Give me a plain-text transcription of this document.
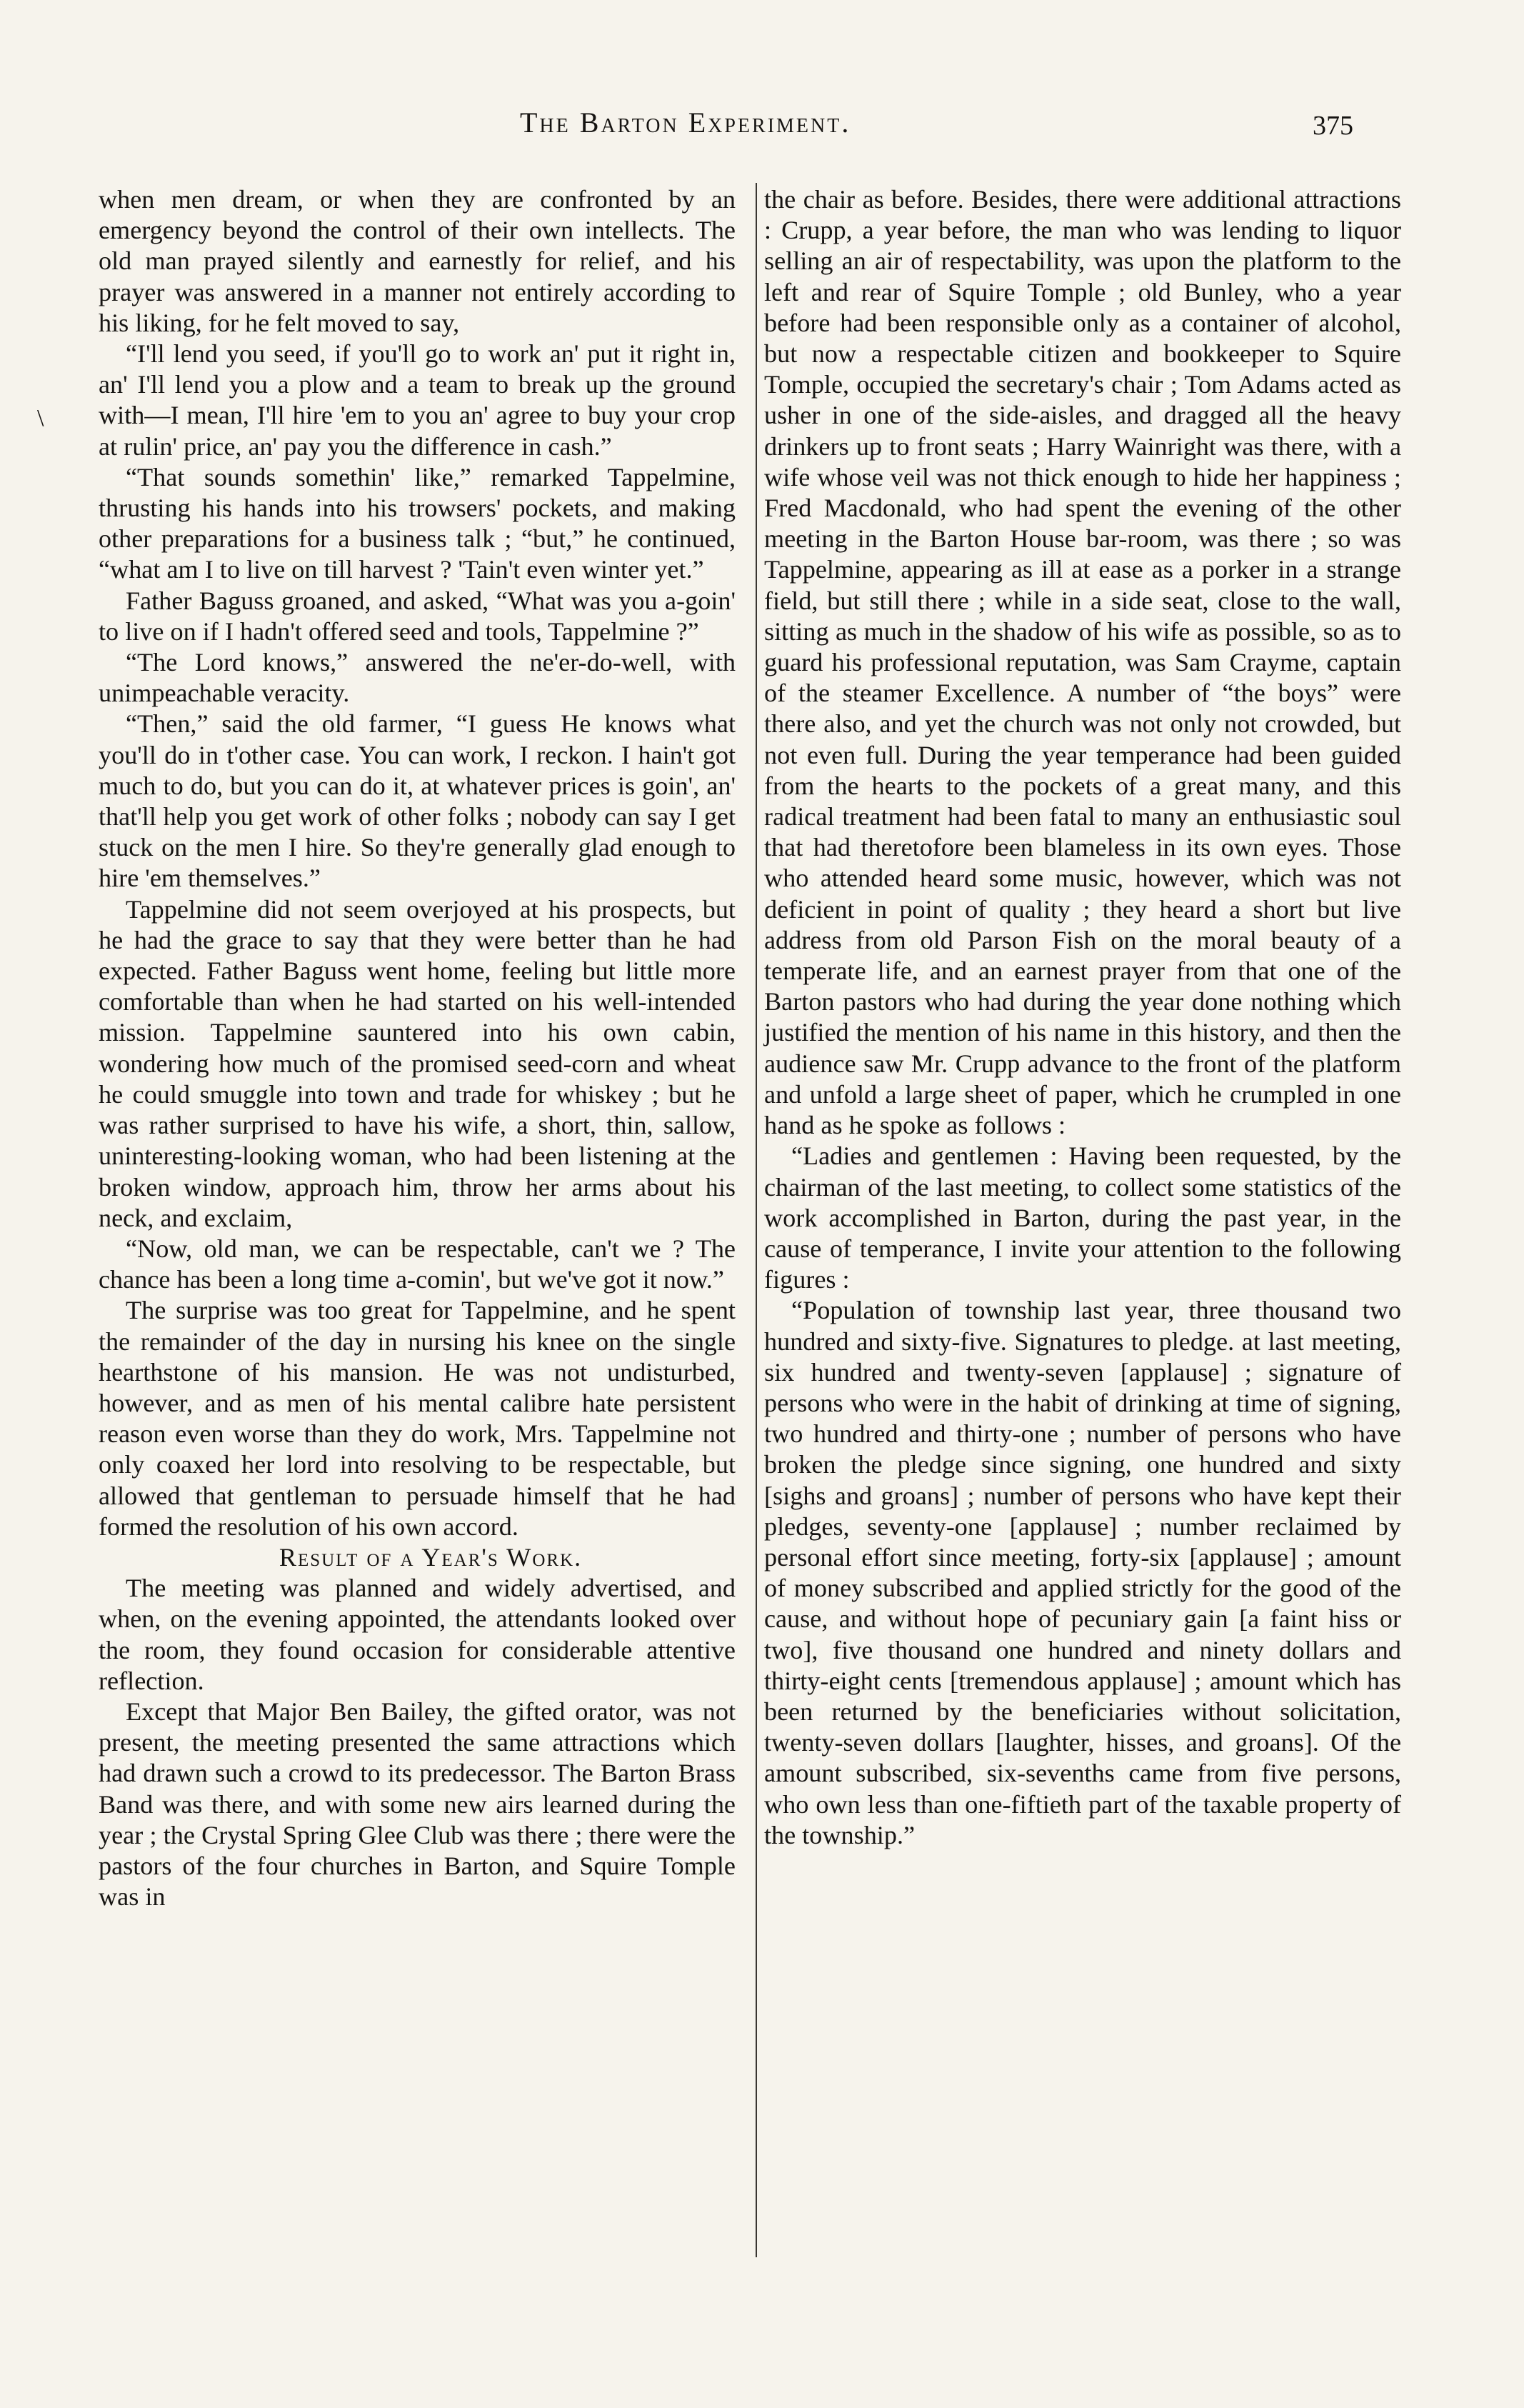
The Barton Experiment.	375
\

when men dream, or when they are confronted by an emergency beyond the control of their own intellects. The old man prayed silently and earnestly for relief, and his prayer was answered in a manner not entirely according to his liking, for he felt moved to say,

“I'll lend you seed, if you'll go to work an' put it right in, an' I'll lend you a plow and a team to break up the ground with—I mean, I'll hire 'em to you an' agree to buy your crop at rulin' price, an' pay you the difference in cash.”

“That sounds somethin' like,” remarked Tappelmine, thrusting his hands into his trowsers' pockets, and making other preparations for a business talk ; “but,” he continued, “what am I to live on till harvest ? 'Tain't even winter yet.”

Father Baguss groaned, and asked, “What was you a-goin' to live on if I hadn't offered seed and tools, Tappelmine ?”

“The Lord knows,” answered the ne'er-do-well, with unimpeachable veracity.

“Then,” said the old farmer, “I guess He knows what you'll do in t'other case. You can work, I reckon. I hain't got much to do, but you can do it, at whatever prices is goin', an' that'll help you get work of other folks ; nobody can say I get stuck on the men I hire. So they're generally glad enough to hire 'em themselves.”

Tappelmine did not seem overjoyed at his prospects, but he had the grace to say that they were better than he had expected. Father Baguss went home, feeling but little more comfortable than when he had started on his well-intended mission. Tappelmine sauntered into his own cabin, wondering how much of the promised seed-corn and wheat he could smuggle into town and trade for whiskey ; but he was rather surprised to have his wife, a short, thin, sallow, uninteresting-looking woman, who had been listening at the broken window, approach him, throw her arms about his neck, and exclaim,

“Now, old man, we can be respectable, can't we ? The chance has been a long time a-comin', but we've got it now.”

The surprise was too great for Tappelmine, and he spent the remainder of the day in nursing his knee on the single hearthstone of his mansion. He was not undisturbed, however, and as men of his mental calibre hate persistent reason even worse than they do work, Mrs. Tappelmine not only coaxed her lord into resolving to be respectable, but allowed that gentleman to persuade himself that he had formed the resolution of his own accord.

Result of a Year's Work.

The meeting was planned and widely advertised, and when, on the evening appointed, the attendants looked over the room, they found occasion for considerable attentive reflection.

Except that Major Ben Bailey, the gifted orator, was not present, the meeting presented the same attractions which had drawn such a crowd to its predecessor. The Barton Brass Band was there, and with some new airs learned during the year ; the Crystal Spring Glee Club was there ; there were the pastors of the four churches in Barton, and Squire Tomple was in

the chair as before. Besides, there were additional attractions : Crupp, a year before, the man who was lending to liquor selling an air of respectability, was upon the platform to the left and rear of Squire Tomple ; old Bunley, who a year before had been responsible only as a container of alcohol, but now a respectable citizen and bookkeeper to Squire Tomple, occupied the secretary's chair ; Tom Adams acted as usher in one of the side-aisles, and dragged all the heavy drinkers up to front seats ; Harry Wainright was there, with a wife whose veil was not thick enough to hide her happiness ; Fred Macdonald, who had spent the evening of the other meeting in the Barton House bar-room, was there ; so was Tappelmine, appearing as ill at ease as a porker in a strange field, but still there ; while in a side seat, close to the wall, sitting as much in the shadow of his wife as possible, so as to guard his professional reputation, was Sam Crayme, captain of the steamer Excellence. A number of “the boys” were there also, and yet the church was not only not crowded, but not even full. During the year temperance had been guided from the hearts to the pockets of a great many, and this radical treatment had been fatal to many an enthusiastic soul that had theretofore been blameless in its own eyes. Those who attended heard some music, however, which was not deficient in point of quality ; they heard a short but live address from old Parson Fish on the moral beauty of a temperate life, and an earnest prayer from that one of the Barton pastors who had during the year done nothing which justified the mention of his name in this history, and then the audience saw Mr. Crupp advance to the front of the platform and unfold a large sheet of paper, which he crumpled in one hand as he spoke as follows :

“Ladies and gentlemen : Having been requested, by the chairman of the last meeting, to collect some statistics of the work accomplished in Barton, during the past year, in the cause of temperance, I invite your attention to the following figures :

“Population of township last year, three thousand two hundred and sixty-five. Signatures to pledge. at last meeting, six hundred and twenty-seven [applause] ; signature of persons who were in the habit of drinking at time of signing, two hundred and thirty-one ; number of persons who have broken the pledge since signing, one hundred and sixty [sighs and groans] ; number of persons who have kept their pledges, seventy-one [applause] ; number reclaimed by personal effort since meeting, forty-six [applause] ; amount of money subscribed and applied strictly for the good of the cause, and without hope of pecuniary gain [a faint hiss or two], five thousand one hundred and ninety dollars and thirty-eight cents [tremendous applause] ; amount which has been returned by the beneficiaries without solicitation, twenty-seven dollars [laughter, hisses, and groans]. Of the amount subscribed, six-sevenths came from five persons, who own less than one-fiftieth part of the taxable property of the township.”
